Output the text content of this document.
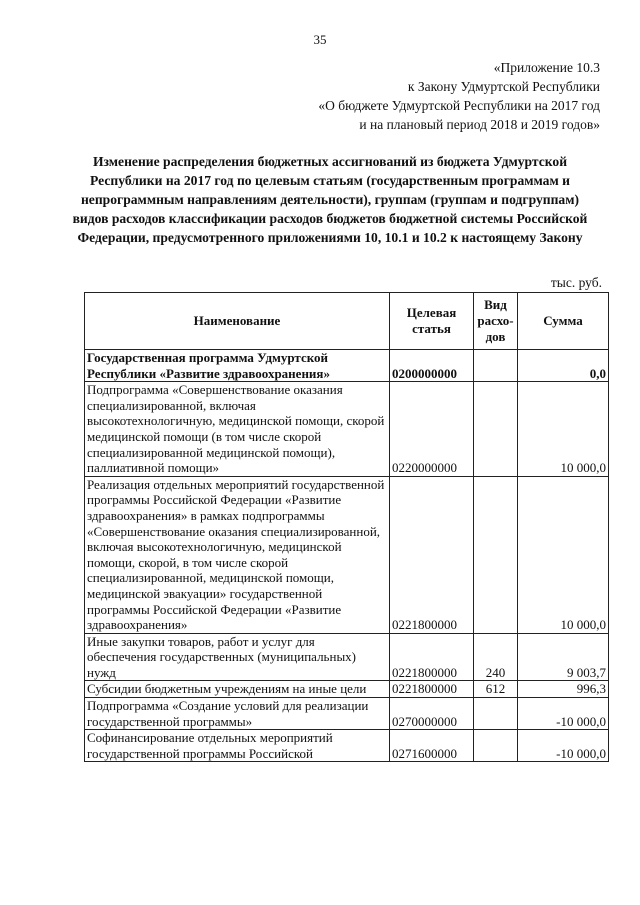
35
«Приложение 10.3
к Закону Удмуртской Республики
«О бюджете Удмуртской Республики на 2017 год
и на плановый период 2018 и 2019 годов»
Изменение распределения бюджетных ассигнований из бюджета Удмуртской Республики на 2017 год по целевым статьям (государственным программам и непрограммным направлениям деятельности), группам (группам и подгруппам) видов расходов классификации расходов бюджетов бюджетной системы Российской Федерации, предусмотренного приложениями 10, 10.1 и 10.2 к настоящему Закону
тыс. руб.
Наименование	Целевая статья	Вид расхо-дов	Сумма
Государственная программа Удмуртской Республики «Развитие здравоохранения»	0200000000		0,0
Подпрограмма «Совершенствование оказания специализированной, включая высокотехнологичную, медицинской помощи, скорой медицинской помощи (в том числе скорой специализированной медицинской помощи), паллиативной помощи»	0220000000		10 000,0
Реализация отдельных мероприятий государственной программы Российской Федерации «Развитие здравоохранения» в рамках подпрограммы «Совершенствование оказания специализированной, включая высокотехнологичную, медицинской помощи, скорой, в том числе скорой специализированной, медицинской помощи, медицинской эвакуации» государственной программы Российской Федерации «Развитие здравоохранения»	0221800000		10 000,0
Иные закупки товаров, работ и услуг для обеспечения государственных (муниципальных) нужд	0221800000	240	9 003,7
Субсидии бюджетным учреждениям на иные цели	0221800000	612	996,3
Подпрограмма «Создание условий для реализации государственной программы»	0270000000		-10 000,0
Софинансирование отдельных мероприятий государственной программы Российской	0271600000		-10 000,0
